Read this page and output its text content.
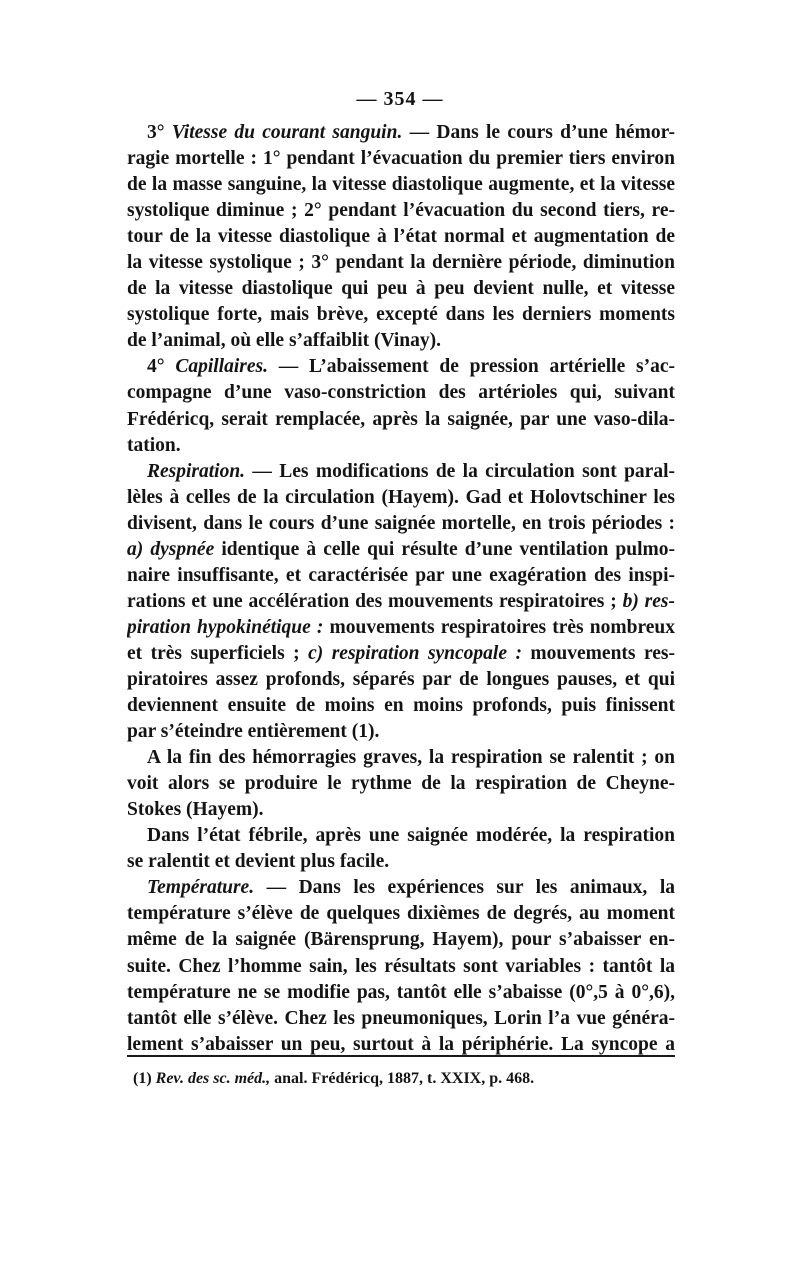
— 354 —
3° Vitesse du courant sanguin. — Dans le cours d’une hémor-
ragie mortelle : 1° pendant l’évacuation du premier tiers environ
de la masse sanguine, la vitesse diastolique augmente, et la vitesse
systolique diminue ; 2° pendant l’évacuation du second tiers, re-
tour de la vitesse diastolique à l’état normal et augmentation de
la vitesse systolique ; 3° pendant la dernière période, diminution
de la vitesse diastolique qui peu à peu devient nulle, et vitesse
systolique forte, mais brève, excepté dans les derniers moments
de l’animal, où elle s’affaiblit (Vinay).
4° Capillaires. — L’abaissement de pression artérielle s’ac-
compagne d’une vaso-constriction des artérioles qui, suivant
Frédéricq, serait remplacée, après la saignée, par une vaso-dila-
tation.
Respiration. — Les modifications de la circulation sont paral-
lèles à celles de la circulation (Hayem). Gad et Holovtschiner les
divisent, dans le cours d’une saignée mortelle, en trois périodes :
a) dyspnée identique à celle qui résulte d’une ventilation pulmo-
naire insuffisante, et caractérisée par une exagération des inspi-
rations et une accélération des mouvements respiratoires ; b) res-
piration hypokinétique : mouvements respiratoires très nombreux
et très superficiels ; c) respiration syncopale : mouvements res-
piratoires assez profonds, séparés par de longues pauses, et qui
deviennent ensuite de moins en moins profonds, puis finissent
par s’éteindre entièrement (1).
A la fin des hémorragies graves, la respiration se ralentit ; on
voit alors se produire le rythme de la respiration de Cheyne-
Stokes (Hayem).
Dans l’état fébrile, après une saignée modérée, la respiration
se ralentit et devient plus facile.
Température. — Dans les expériences sur les animaux, la
température s’élève de quelques dixièmes de degrés, au moment
même de la saignée (Bärensprung, Hayem), pour s’abaisser en-
suite. Chez l’homme sain, les résultats sont variables : tantôt la
température ne se modifie pas, tantôt elle s’abaisse (0°,5 à 0°,6),
tantôt elle s’élève. Chez les pneumoniques, Lorin l’a vue généra-
lement s’abaisser un peu, surtout à la périphérie. La syncope a
(1) Rev. des sc. méd., anal. Frédéricq, 1887, t. XXIX, p. 468.
